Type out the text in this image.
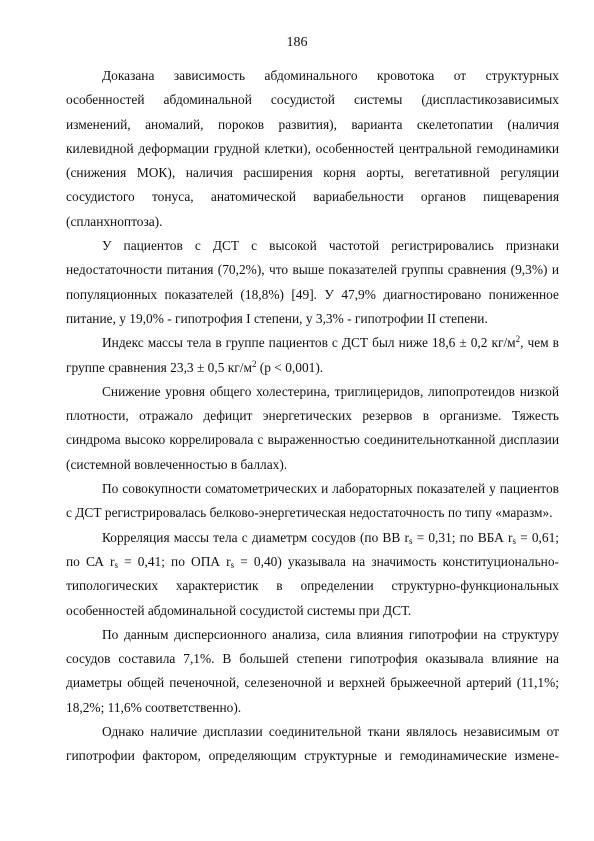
186

Доказана зависимость абдоминального кровотока от структурных особенностей абдоминальной сосудистой системы (диспластикозависимых изменений, аномалий, пороков развития), варианта скелетопатии (наличия килевидной деформации грудной клетки), особенностей центральной гемодинамики (снижения МОК), наличия расширения корня аорты, вегетативной регуляции сосудистого тонуса, анатомической вариабельности органов пищеварения (спланхноптоза).

У пациентов с ДСТ с высокой частотой регистрировались признаки недостаточности питания (70,2%), что выше показателей группы сравнения (9,3%) и популяционных показателей (18,8%) [49]. У 47,9% диагностировано пониженное питание, у 19,0% - гипотрофия I степени, у 3,3% - гипотрофии II степени.

Индекс массы тела в группе пациентов с ДСТ был ниже 18,6 ± 0,2 $кг/м^2$, чем в группе сравнения 23,3 ± 0,5 $кг/м^2$ (p < 0,001).

Снижение уровня общего холестерина, триглицеридов, липопротеидов низкой плотности, отражало дефицит энергетических резервов в организме. Тяжесть синдрома высоко коррелировала с выраженностью соединительнотканной дисплазии (системной вовлеченностью в баллах).

По совокупности соматометрических и лабораторных показателей у пациентов с ДСТ регистрировалась белково-энергетическая недостаточность по типу «маразм».

Корреляция массы тела с диаметрм сосудов (по ВВ $r_s = 0,31$; по ВБА $r_s = 0,61$; по СА $r_s = 0,41$; по ОПА $r_s = 0,40$) указывала на значимость конституционально-типологических характеристик в определении структурно-функциональных особенностей абдоминальной сосудистой системы при ДСТ.

По данным дисперсионного анализа, сила влияния гипотрофии на структуру сосудов составила 7,1%. В большей степени гипотрофия оказывала влияние на диаметры общей печеночной, селезеночной и верхней брыжеечной артерий (11,1%; 18,2%; 11,6% соответственно).

Однако наличие дисплазии соединительной ткани являлось независимым от гипотрофии фактором, определяющим структурные и гемодинамические измене-
